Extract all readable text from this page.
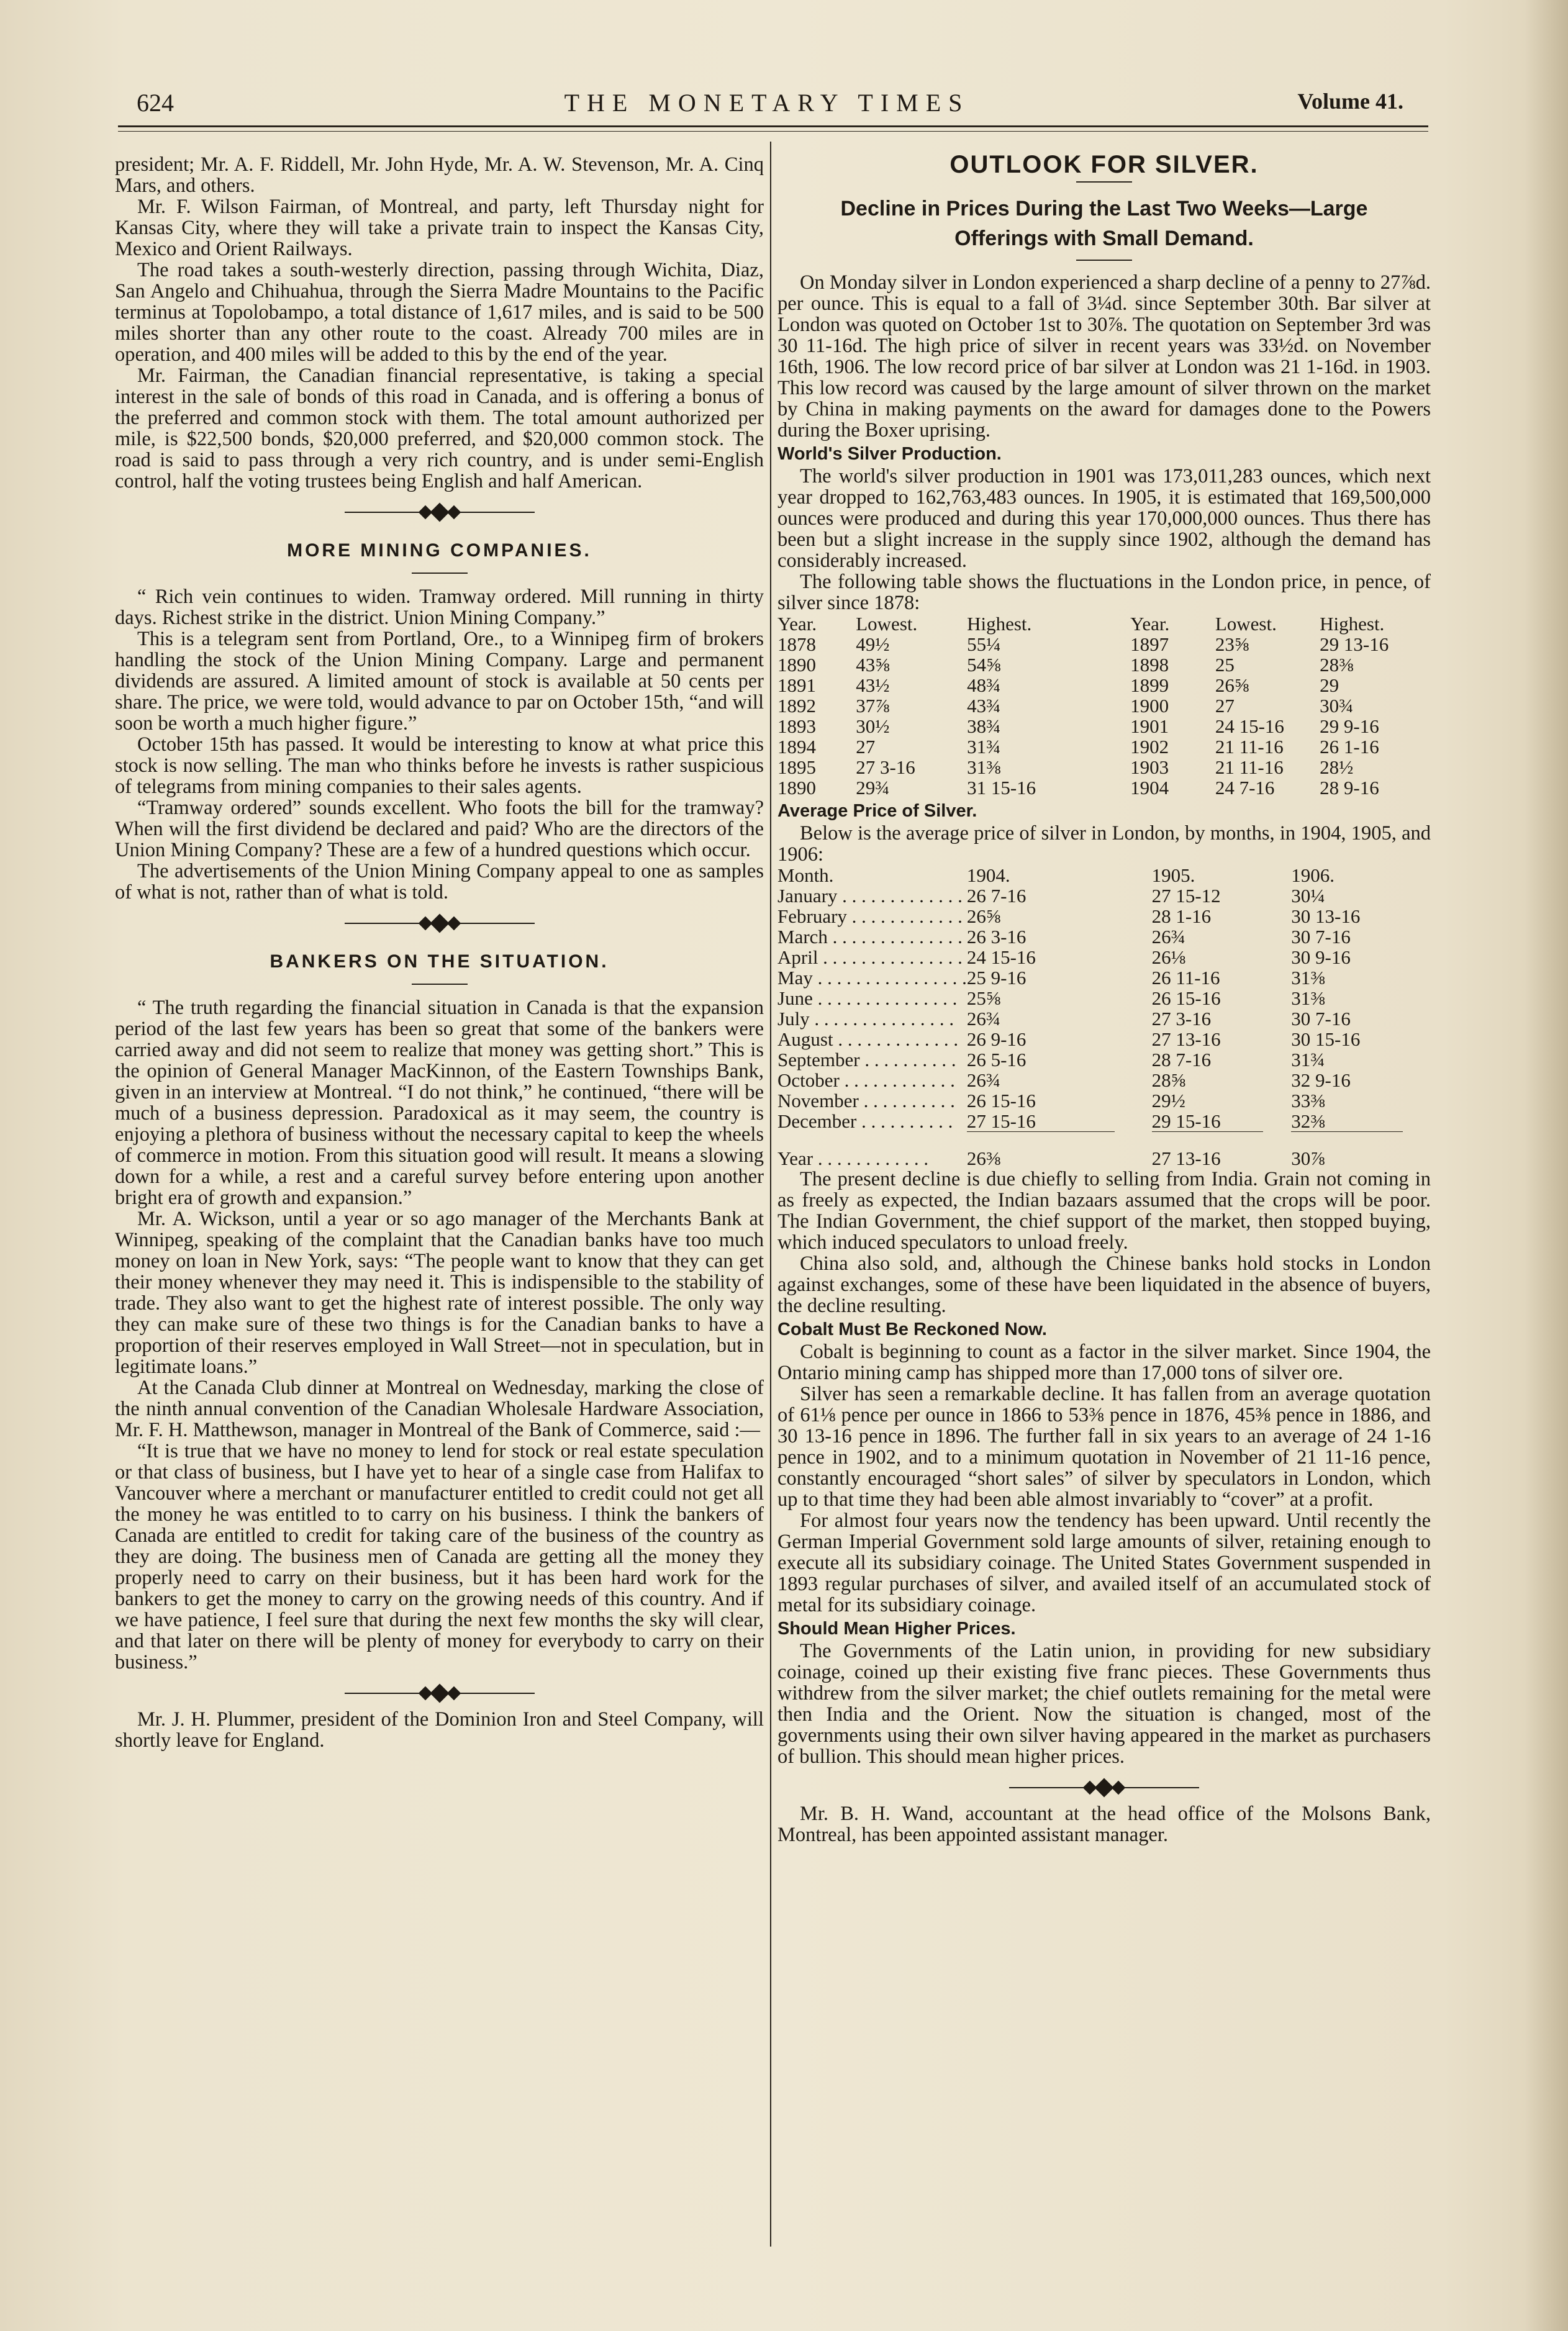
624	THE MONETARY TIMES	Volume 41.

president; Mr. A. F. Riddell, Mr. John Hyde, Mr. A. W. Stevenson, Mr. A. Cinq Mars, and others.

Mr. F. Wilson Fairman, of Montreal, and party, left Thursday night for Kansas City, where they will take a private train to inspect the Kansas City, Mexico and Orient Railways.

The road takes a south-westerly direction, passing through Wichita, Diaz, San Angelo and Chihuahua, through the Sierra Madre Mountains to the Pacific terminus at Topolobampo, a total distance of 1,617 miles, and is said to be 500 miles shorter than any other route to the coast. Already 700 miles are in operation, and 400 miles will be added to this by the end of the year.

Mr. Fairman, the Canadian financial representative, is taking a special interest in the sale of bonds of this road in Canada, and is offering a bonus of the preferred and common stock with them. The total amount authorized per mile, is $22,500 bonds, $20,000 preferred, and $20,000 common stock. The road is said to pass through a very rich country, and is under semi-English control, half the voting trustees being English and half American.

MORE MINING COMPANIES.

“ Rich vein continues to widen. Tramway ordered. Mill running in thirty days. Richest strike in the district. Union Mining Company.”

This is a telegram sent from Portland, Ore., to a Winnipeg firm of brokers handling the stock of the Union Mining Company. Large and permanent dividends are assured. A limited amount of stock is available at 50 cents per share. The price, we were told, would advance to par on October 15th, “and will soon be worth a much higher figure.”

October 15th has passed. It would be interesting to know at what price this stock is now selling. The man who thinks before he invests is rather suspicious of telegrams from mining companies to their sales agents.

“Tramway ordered” sounds excellent. Who foots the bill for the tramway? When will the first dividend be declared and paid? Who are the directors of the Union Mining Company? These are a few of a hundred questions which occur.

The advertisements of the Union Mining Company appeal to one as samples of what is not, rather than of what is told.

BANKERS ON THE SITUATION.

“ The truth regarding the financial situation in Canada is that the expansion period of the last few years has been so great that some of the bankers were carried away and did not seem to realize that money was getting short.” This is the opinion of General Manager MacKinnon, of the Eastern Townships Bank, given in an interview at Montreal. “I do not think,” he continued, “there will be much of a business depression. Paradoxical as it may seem, the country is enjoying a plethora of business without the necessary capital to keep the wheels of commerce in motion. From this situation good will result. It means a slowing down for a while, a rest and a careful survey before entering upon another bright era of growth and expansion.”

Mr. A. Wickson, until a year or so ago manager of the Merchants Bank at Winnipeg, speaking of the complaint that the Canadian banks have too much money on loan in New York, says: “The people want to know that they can get their money whenever they may need it. This is indispensible to the stability of trade. They also want to get the highest rate of interest possible. The only way they can make sure of these two things is for the Canadian banks to have a proportion of their reserves employed in Wall Street—not in speculation, but in legitimate loans.”

At the Canada Club dinner at Montreal on Wednesday, marking the close of the ninth annual convention of the Canadian Wholesale Hardware Association, Mr. F. H. Matthewson, manager in Montreal of the Bank of Commerce, said :—

“It is true that we have no money to lend for stock or real estate speculation or that class of business, but I have yet to hear of a single case from Halifax to Vancouver where a merchant or manufacturer entitled to credit could not get all the money he was entitled to to carry on his business. I think the bankers of Canada are entitled to credit for taking care of the business of the country as they are doing. The business men of Canada are getting all the money they properly need to carry on their business, but it has been hard work for the bankers to get the money to carry on the growing needs of this country. And if we have patience, I feel sure that during the next few months the sky will clear, and that later on there will be plenty of money for everybody to carry on their business.”

Mr. J. H. Plummer, president of the Dominion Iron and Steel Company, will shortly leave for England.

OUTLOOK FOR SILVER.
Decline in Prices During the Last Two Weeks—Large
Offerings with Small Demand.

On Monday silver in London experienced a sharp decline of a penny to 27⅞d. per ounce. This is equal to a fall of 3¼d. since September 30th. Bar silver at London was quoted on October 1st to 30⅞. The quotation on September 3rd was 30 11-16d. The high price of silver in recent years was 33½d. on November 16th, 1906. The low record price of bar silver at London was 21 1-16d. in 1903. This low record was caused by the large amount of silver thrown on the market by China in making payments on the award for damages done to the Powers during the Boxer uprising.

World's Silver Production.

The world's silver production in 1901 was 173,011,283 ounces, which next year dropped to 162,763,483 ounces. In 1905, it is estimated that 169,500,000 ounces were produced and during this year 170,000,000 ounces. Thus there has been but a slight increase in the supply since 1902, although the demand has considerably increased.

The following table shows the fluctuations in the London price, in pence, of silver since 1878:

Year.	Lowest.	Highest.	Year.	Lowest.	Highest.
1878	49½	55¼	1897	23⅝	29 13-16
1890	43⅝	54⅝	1898	25	28⅜
1891	43½	48¾	1899	26⅝	29
1892	37⅞	43¾	1900	27	30¾
1893	30½	38¾	1901	24 15-16	29 9-16
1894	27	31¾	1902	21 11-16	26 1-16
1895	27 3-16	31⅜	1903	21 11-16	28½
1890	29¾	31 15-16	1904	24 7-16	28 9-16
Average Price of Silver.

Below is the average price of silver in London, by months, in 1904, 1905, and 1906:

Month.	1904.	1905.	1906.
January . . . . . . . . . . . . .	26 7-16	27 15-12	30¼
February . . . . . . . . . . . .	26⅝	28 1-16	30 13-16
March . . . . . . . . . . . . . .	26 3-16	26¾	30 7-16
April . . . . . . . . . . . . . . .	24 15-16	26⅛	30 9-16
May . . . . . . . . . . . . . . . .	25 9-16	26 11-16	31⅜
June . . . . . . . . . . . . . . .	25⅝	26 15-16	31⅜
July . . . . . . . . . . . . . . .	26¾	27 3-16	30 7-16
August . . . . . . . . . . . . .	26 9-16	27 13-16	30 15-16
September . . . . . . . . . .	26 5-16	28 7-16	31¾
October . . . . . . . . . . . .	26¾	28⅝	32 9-16
November . . . . . . . . . .	26 15-16	29½	33⅜
December . . . . . . . . . .	27 15-16	29 15-16	32⅜

Year . . . . . . . . . . . .	26⅜	27 13-16	30⅞

The present decline is due chiefly to selling from India. Grain not coming in as freely as expected, the Indian bazaars assumed that the crops will be poor. The Indian Government, the chief support of the market, then stopped buying, which induced speculators to unload freely.

China also sold, and, although the Chinese banks hold stocks in London against exchanges, some of these have been liquidated in the absence of buyers, the decline resulting.

Cobalt Must Be Reckoned Now.

Cobalt is beginning to count as a factor in the silver market. Since 1904, the Ontario mining camp has shipped more than 17,000 tons of silver ore.

Silver has seen a remarkable decline. It has fallen from an average quotation of 61⅛ pence per ounce in 1866 to 53⅜ pence in 1876, 45⅜ pence in 1886, and 30 13-16 pence in 1896. The further fall in six years to an average of 24 1-16 pence in 1902, and to a minimum quotation in November of 21 11-16 pence, constantly encouraged “short sales” of silver by speculators in London, which up to that time they had been able almost invariably to “cover” at a profit.

For almost four years now the tendency has been upward. Until recently the German Imperial Government sold large amounts of silver, retaining enough to execute all its subsidiary coinage. The United States Government suspended in 1893 regular purchases of silver, and availed itself of an accumulated stock of metal for its subsidiary coinage.

Should Mean Higher Prices.

The Governments of the Latin union, in providing for new subsidiary coinage, coined up their existing five franc pieces. These Governments thus withdrew from the silver market; the chief outlets remaining for the metal were then India and the Orient. Now the situation is changed, most of the governments using their own silver having appeared in the market as purchasers of bullion. This should mean higher prices.

Mr. B. H. Wand, accountant at the head office of the Molsons Bank, Montreal, has been appointed assistant manager.
